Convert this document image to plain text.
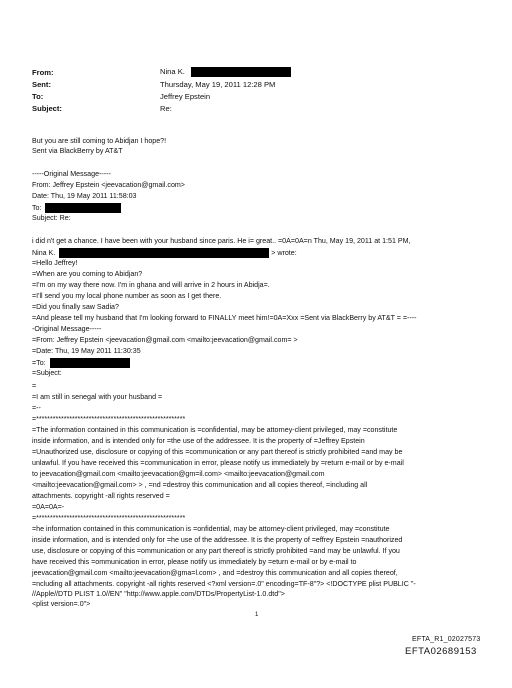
From:	Nina K.
Sent:	Thursday, May 19, 2011 12:28 PM
To:	Jeffrey Epstein
Subject:	Re:
But you are still coming to Abidjan I hope?!
Sent via BlackBerry by AT&T
-----Original Message-----
From: Jeffrey Epstein <jeevacation@gmail.com>
Date: Thu, 19 May 2011 11:58:03
To:
Subject: Re:
i did n't get a chance. I have been with your husband since paris. He i= great.. =0A=0A=n Thu, May 19, 2011 at 1:51 PM,
Nina K.	> wrote:
=Hello Jeffrey!
=When are you coming to Abidjan?
=I'm on my way there now. I'm in ghana and will arrive in 2 hours in Abidja=.
=I'll send you my local phone number as soon as I get there.
=Did you finally saw Sadia?
=And please tell my husband that I'm looking forward to FINALLY meet him!=0A=Xxx =Sent via BlackBerry by AT&T = =----
-Original Message-----
=From: Jeffrey Epstein <jeevacation@gmail.com <mailto:jeevacation@gmail.com= >
=Date: Thu, 19 May 2011 11:30:35
=To:
=Subject:
=
=I am still in senegal with your husband =
=--
=******************************************************
=The information contained in this communication is =confidential, may be attorney-client privileged, may =constitute
inside information, and is intended only for =the use of the addressee. It is the property of =Jeffrey Epstein
=Unauthorized use, disclosure or copying of this =communication or any part thereof is strictly prohibited =and may be
unlawful. If you have received this =communication in error, please notify us immediately by =return e-mail or by e-mail
to jeevacation@gmail.com <mailto:jeevacation@gm=il.com> <mailto:jeevacation@gmail.com
<mailto:jeevacation@gmail.com> > , =nd =destroy this communication and all copies thereof, =including all
attachments. copyright -all rights reserved =
=0A=0A=-
=******************************************************
=he information contained in this communication is =onfidential, may be attorney-client privileged, may =constitute
inside information, and is intended only for =he use of the addressee. It is the property of =effrey Epstein =nauthorized
use, disclosure or copying of this =ommunication or any part thereof is strictly prohibited =and may be unlawful. If you
have received this =ommunication in error, please notify us immediately by =eturn e-mail or by e-mail to
jeevacation@gmail.com <mailto:jeevacation@gma=l.com> , and =destroy this communication and all copies thereof,
=ncluding all attachments. copyright -all rights reserved <?xml version=.0" encoding=TF-8"?> <!DOCTYPE plist PUBLIC "-
//Apple//DTD PLIST 1.0//EN" "http://www.apple.com/DTDs/PropertyList-1.0.dtd">
1
EFTA_R1_02027573
EFTA02689153
<plist version=.0">
